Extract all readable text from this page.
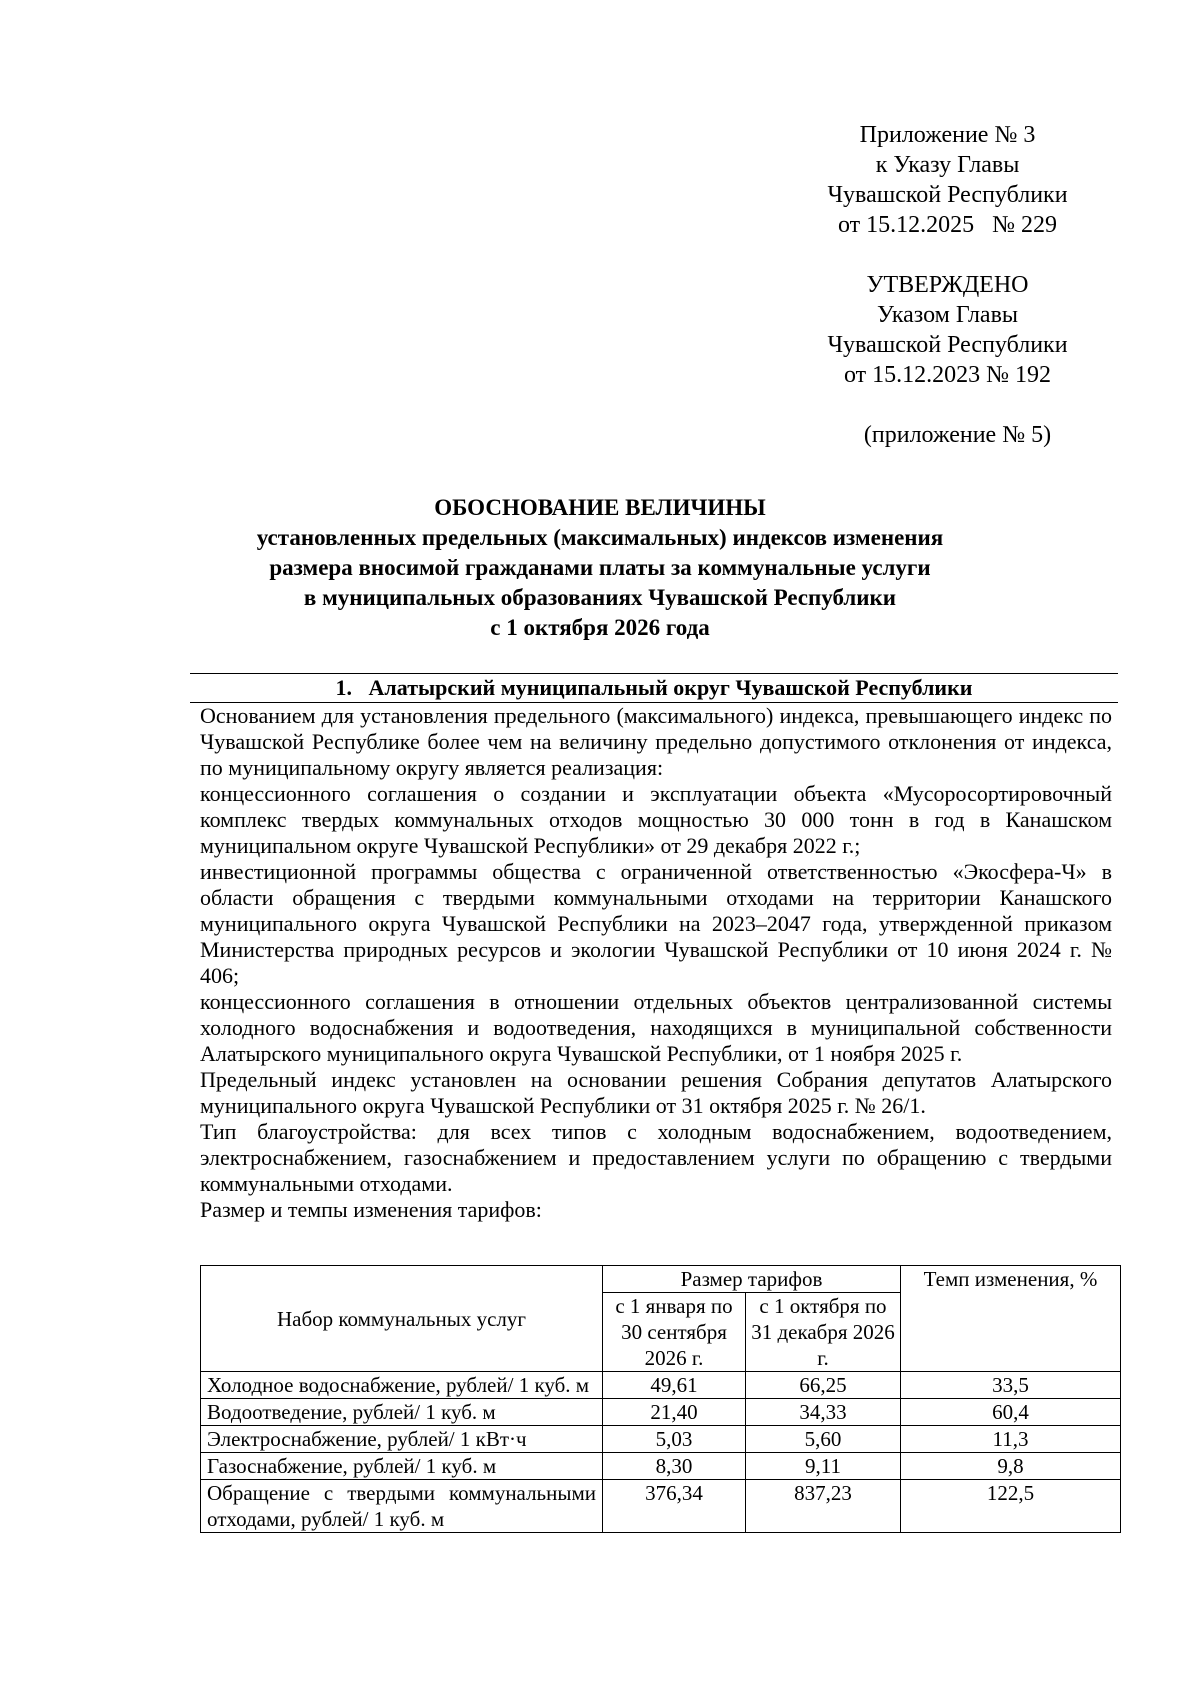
Приложение № 3
к Указу Главы
Чувашской Республики
от 15.12.2025   № 229
УТВЕРЖДЕНО
Указом Главы
Чувашской Республики
от 15.12.2023 № 192
(приложение № 5)
ОБОСНОВАНИЕ ВЕЛИЧИНЫ
установленных предельных (максимальных) индексов изменения
размера вносимой гражданами платы за коммунальные услуги
в муниципальных образованиях Чувашской Республики
с 1 октября 2026 года
1.   Алатырский муниципальный округ Чувашской Республики

Основанием для установления предельного (максимального) индекса, превышающего индекс по Чувашской Республике более чем на величину предельно допустимого отклонения от индекса, по муниципальному округу является реализация:

концессионного соглашения о создании и эксплуатации объекта «Мусоросортировочный комплекс твердых коммунальных отходов мощностью 30 000 тонн в год в Канашском муниципальном округе Чувашской Республики» от 29 декабря 2022 г.;

инвестиционной программы общества с ограниченной ответственностью «Экосфера-Ч» в области обращения с твердыми коммунальными отходами на территории Канашского муниципального округа Чувашской Республики на 2023–2047 года, утвержденной приказом Министерства природных ресурсов и экологии Чувашской Республики от 10 июня 2024 г. № 406;

концессионного соглашения в отношении отдельных объектов централизованной системы холодного водоснабжения и водоотведения, находящихся в муниципальной собственности Алатырского муниципального округа Чувашской Республики, от 1 ноября 2025 г.

Предельный индекс установлен на основании решения Собрания депутатов Алатырского муниципального округа Чувашской Республики от 31 октября 2025 г. № 26/1.

Тип благоустройства: для всех типов с холодным водоснабжением, водоотведением, электроснабжением, газоснабжением и предоставлением услуги по обращению с твердыми коммунальными отходами.

Размер и темпы изменения тарифов:

Набор коммунальных услуг	Размер тарифов		Темп изменения, %
	с 1 января по 30 сентября 2026 г.	с 1 октября по 31 декабря 2026 г.	
Холодное водоснабжение, рублей/ 1 куб. м	49,61	66,25	33,5
Водоотведение, рублей/ 1 куб. м	21,40	34,33	60,4
Электроснабжение, рублей/ 1 кВт·ч	5,03	5,60	11,3
Газоснабжение, рублей/ 1 куб. м	8,30	9,11	9,8
Обращение с твердыми коммунальными отходами, рублей/ 1 куб. м	376,34	837,23	122,5
